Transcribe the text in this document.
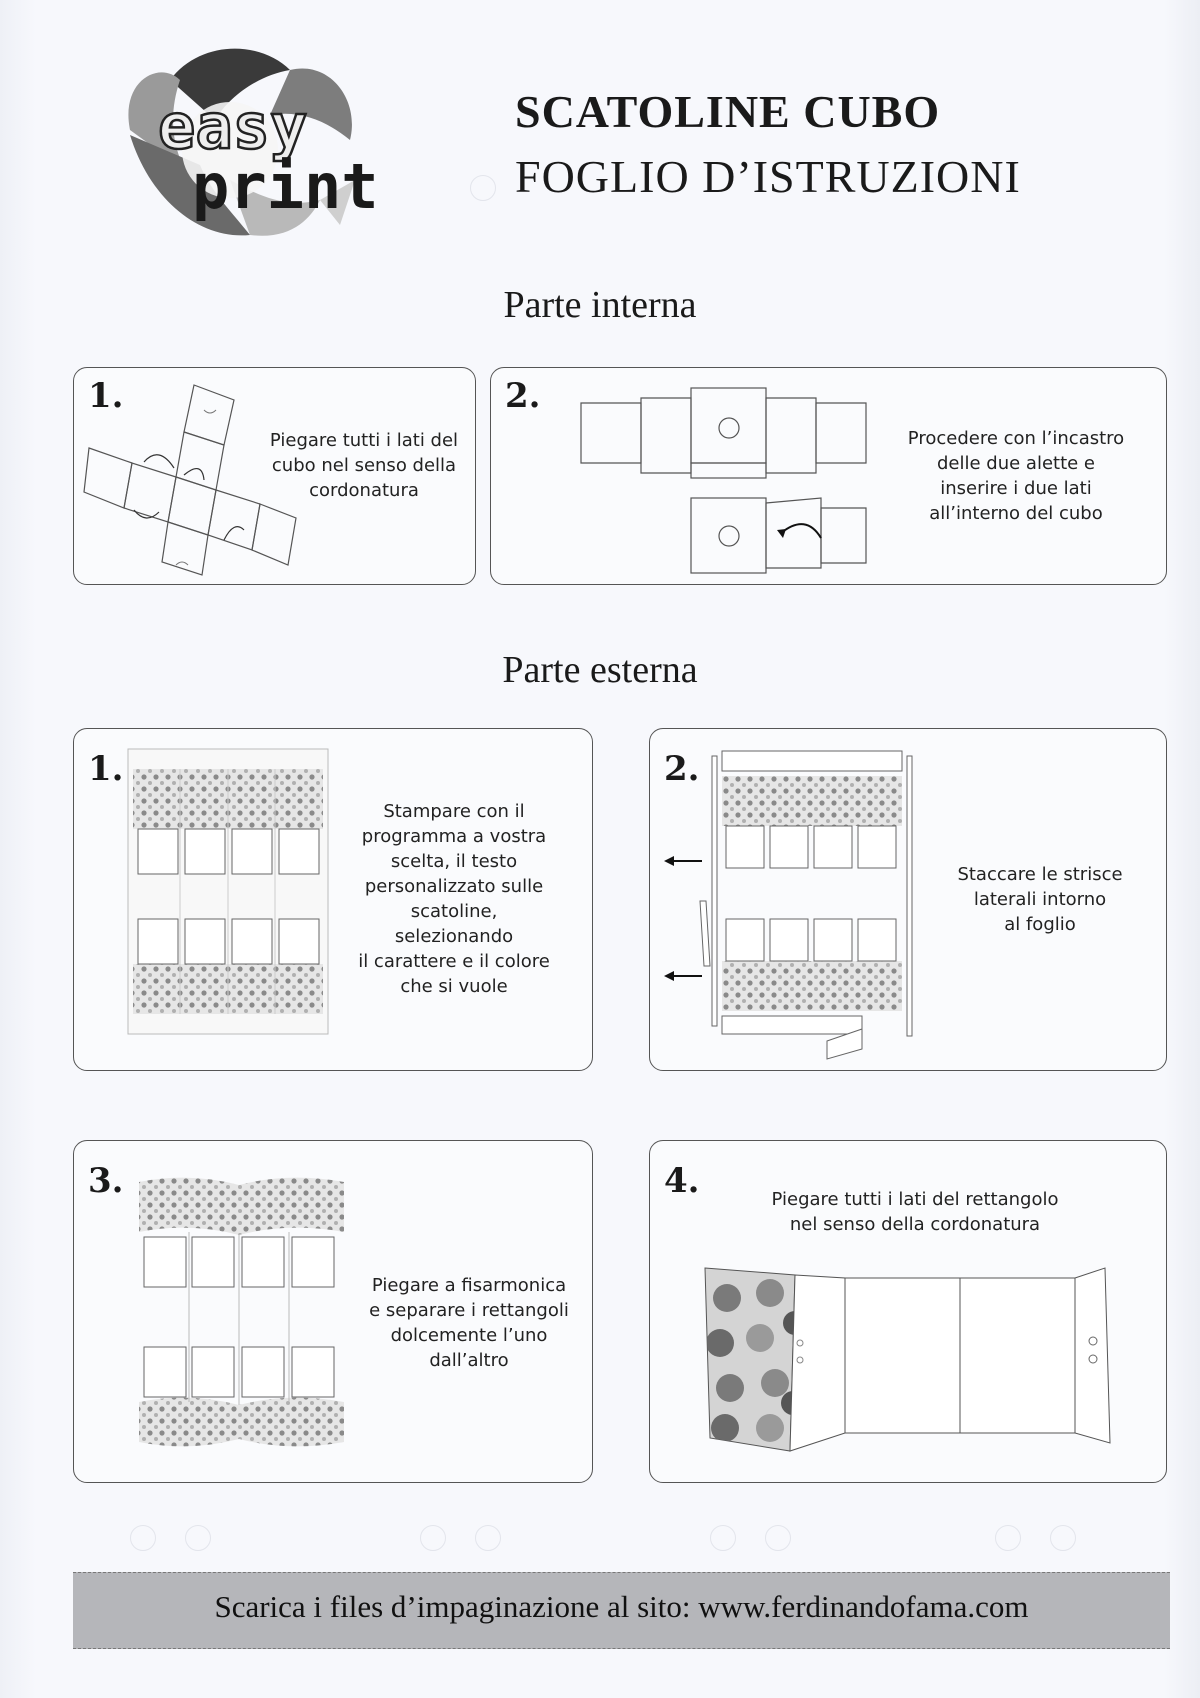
easy
print
SCATOLINE CUBO
FOGLIO D’ISTRUZIONI
Parte interna
1.
Piegare tutti i lati del
cubo nel senso della
cordonatura
2.
Procedere con l’incastro
delle due alette e
inserire i due lati
all’interno del cubo
Parte esterna
1.
Stampare con il
programma a vostra
scelta, il testo
personalizzato sulle
scatoline,
selezionando
il carattere e il colore
che si vuole
2.
Staccare le strisce
laterali intorno
al foglio
3.
Piegare a fisarmonica
e separare i rettangoli
dolcemente l’uno
dall’altro
4.	Piegare tutti i lati del rettangolo
nel senso della cordonatura
Scarica i files d’impaginazione al sito: www.ferdinandofama.com
